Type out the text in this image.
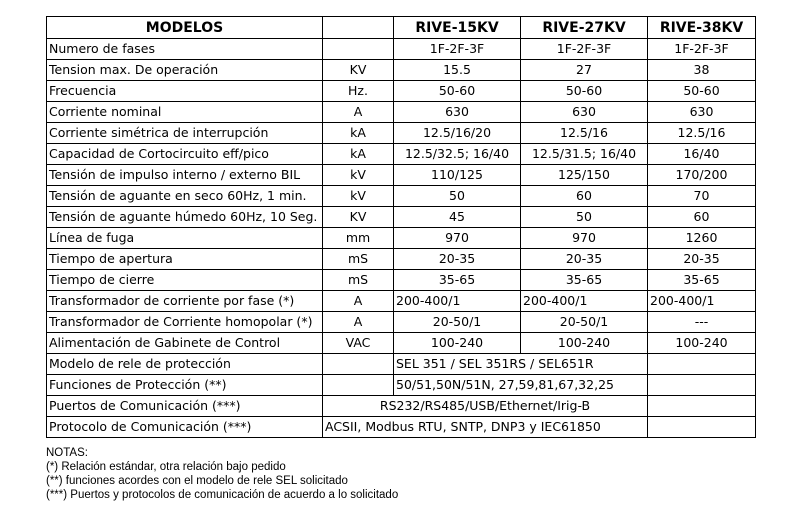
MODELOS		RIVE-15KV	RIVE-27KV	RIVE-38KV
Numero de fases		1F-2F-3F	1F-2F-3F	1F-2F-3F
Tension max. De operación	KV	15.5	27	38
Frecuencia	Hz.	50-60	50-60	50-60
Corriente nominal	A	630	630	630
Corriente simétrica de interrupción	kA	12.5/16/20	12.5/16	12.5/16
Capacidad de Cortocircuito eff/pico	kA	12.5/32.5; 16/40	12.5/31.5; 16/40	16/40
Tensión de impulso interno / externo BIL	kV	110/125	125/150	170/200
Tensión de aguante en seco 60Hz, 1 min.	kV	50	60	70
Tensión de aguante húmedo 60Hz, 10 Seg.	KV	45	50	60
Línea de fuga	mm	970	970	1260
Tiempo de apertura	mS	20-35	20-35	20-35
Tiempo de cierre	mS	35-65	35-65	35-65
Transformador de corriente por fase (*)	A	200-400/1	200-400/1	200-400/1
Transformador de Corriente homopolar (*)	A	20-50/1	20-50/1	---
Alimentación de Gabinete de Control	VAC	100-240	100-240	100-240
Modelo de rele de protección		SEL 351 / SEL 351RS / SEL651R		
Funciones de Protección (**)		50/51,50N/51N, 27,59,81,67,32,25		
Puertos de Comunicación (***)	RS232/RS485/USB/Ethernet/Irig-B			
Protocolo de Comunicación (***)	ACSII, Modbus RTU, SNTP, DNP3 y IEC61850			
NOTAS:
(*) Relación estándar, otra relación bajo pedido
(**) funciones acordes con el modelo de rele SEL solicitado
(***) Puertos y protocolos de comunicación de acuerdo a lo solicitado
